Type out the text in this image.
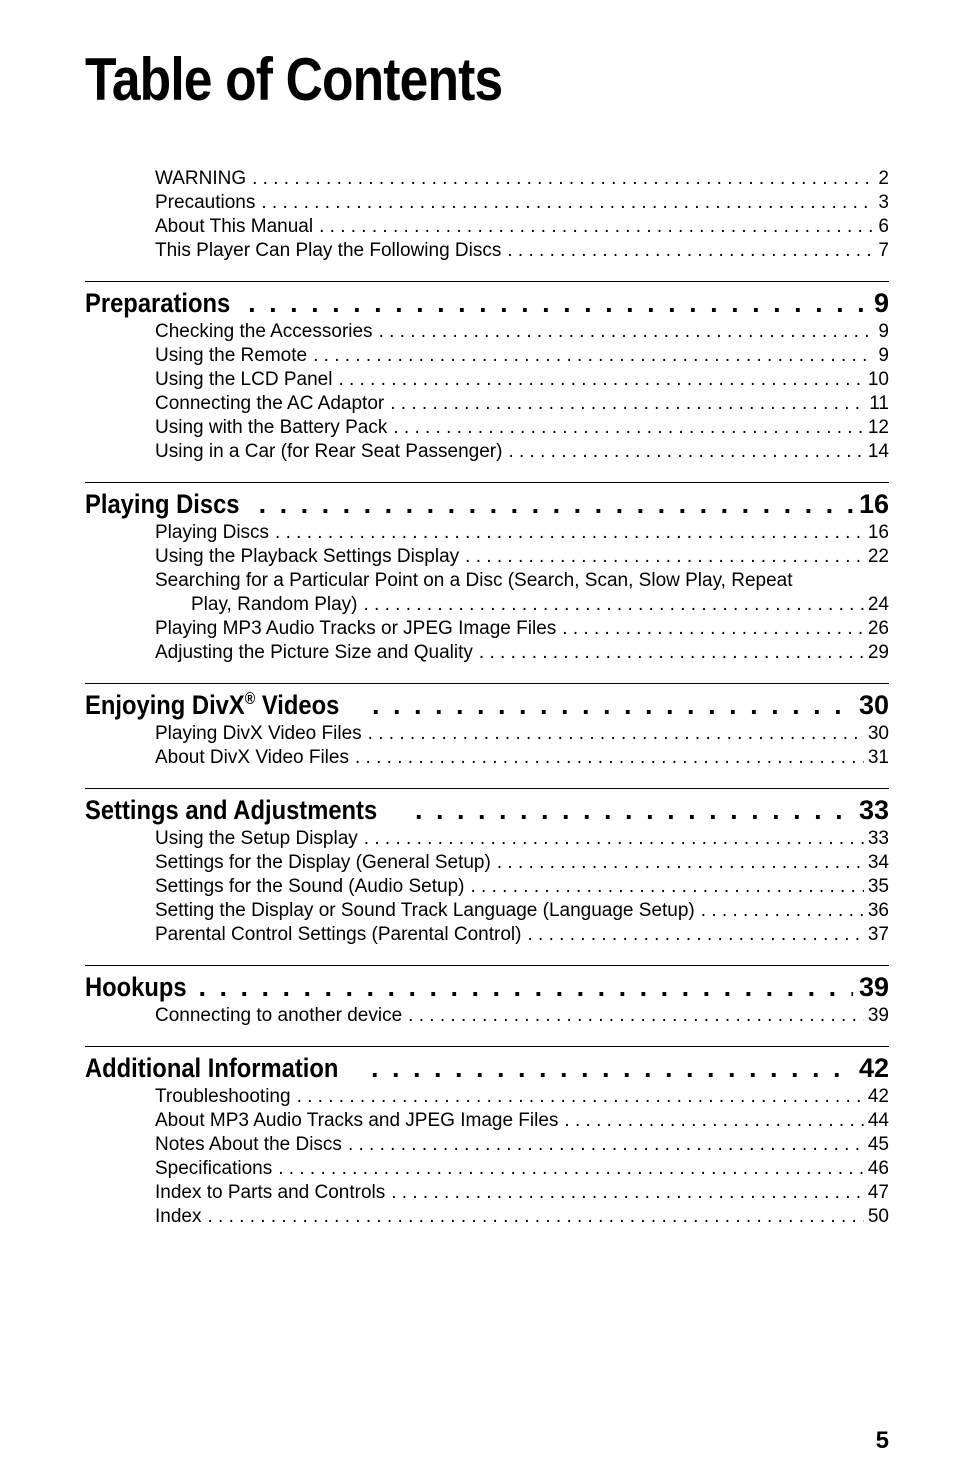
Table of Contents
WARNING . . .	2
Precautions . . .	3
About This Manual . . .	6
This Player Can Play the Following Discs . . .	7
Preparations . . .	9
Checking the Accessories . . .	9
Using the Remote . . .	9
Using the LCD Panel . . .	10
Connecting the AC Adaptor . . .	11
Using with the Battery Pack . . .	12
Using in a Car (for Rear Seat Passenger) . . .	14
Playing Discs . . .	16
Playing Discs . . .	16
Using the Playback Settings Display . . .	22
Searching for a Particular Point on a Disc (Search, Scan, Slow Play, Repeat
Play, Random Play) . . .	24
Playing MP3 Audio Tracks or JPEG Image Files . . .	26
Adjusting the Picture Size and Quality . . .	29
Enjoying DivX® Videos . . .	30
Playing DivX Video Files . . .	30
About DivX Video Files . . .	31
Settings and Adjustments . . .	33
Using the Setup Display . . .	33
Settings for the Display (General Setup) . . .	34
Settings for the Sound (Audio Setup) . . .	35
Setting the Display or Sound Track Language (Language Setup) . . .	36
Parental Control Settings (Parental Control) . . .	37
Hookups . . .	39
Connecting to another device . . .	39
Additional Information . . .	42
Troubleshooting . . .	42
About MP3 Audio Tracks and JPEG Image Files . . .	44
Notes About the Discs . . .	45
Specifications . . .	46
Index to Parts and Controls . . .	47
Index . . .	50
5
